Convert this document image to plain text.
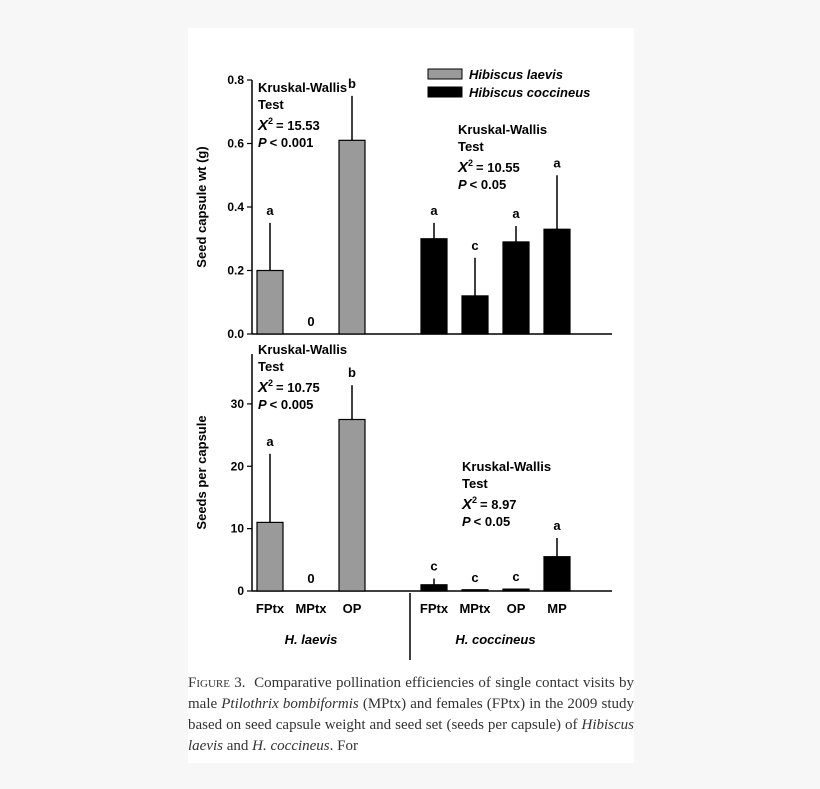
0.0
0.2
0.4
0.6
0.8
Seed capsule wt (g)	a
0
b
a
c
a
a
0
10
20
30
Seeds per capsule	a
0
b
c
c	c
a
FPtx MPtx OP
H. laevis
FPtx MPtx OP MP
H. coccineus
Hibiscus laevis
Hibiscus coccineus
Kruskal-Wallis
Test
$X^2 = 15.53$
P < 0.001
Kruskal-Wallis
Test
$X^2 = 10.55$
P < 0.05
Kruskal-Wallis
Test
$X^2 = 10.75$
P < 0.005
Kruskal-Wallis
Test
$X^2 = 8.97$
P < 0.05
Figure 3. Comparative pollination efficiencies of single contact visits by male Ptilothrix bombiformis (MPtx) and females (FPtx) in the 2009 study based on seed capsule weight and seed set (seeds per capsule) of Hibiscus laevis and H. coccineus. For
